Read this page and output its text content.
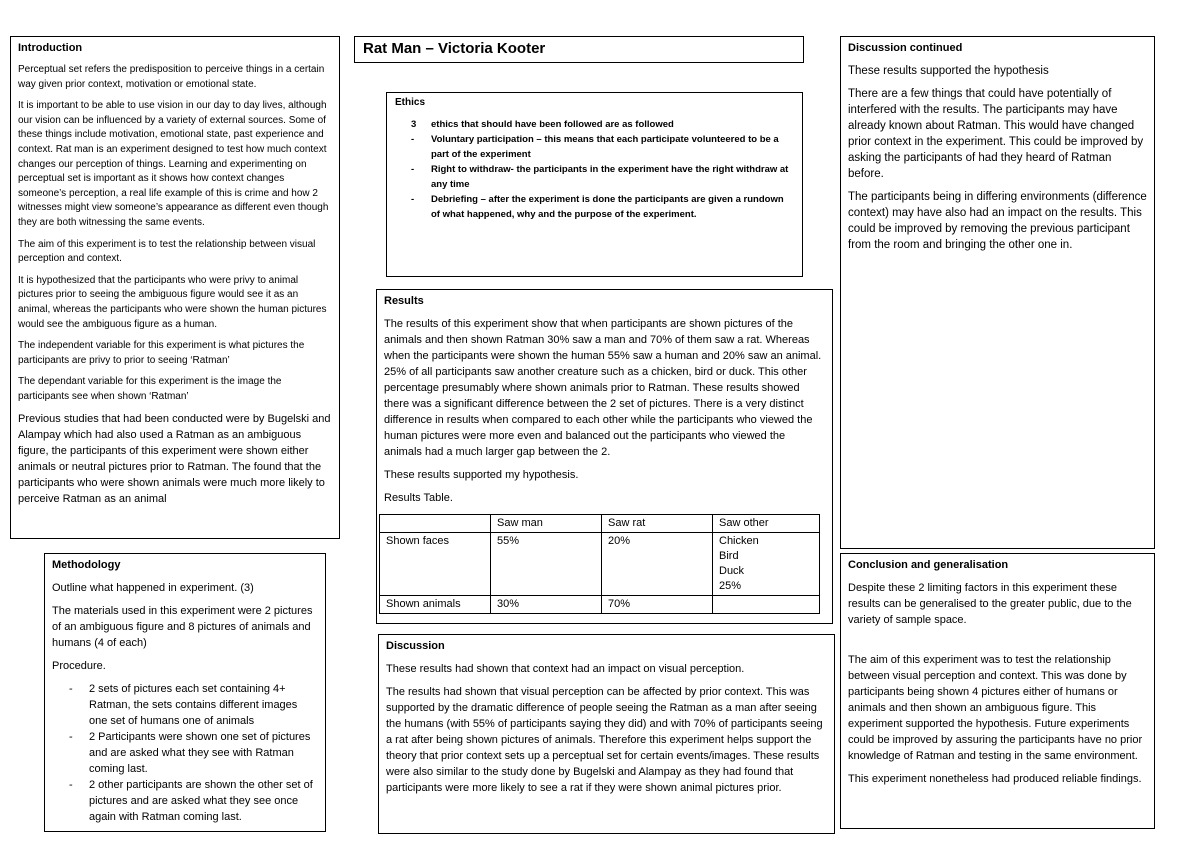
Rat Man – Victoria Kooter
Introduction

Perceptual set refers the predisposition to perceive things in a certain way given prior context, motivation or emotional state.

It is important to be able to use vision in our day to day lives, although our vision can be influenced by a variety of external sources. Some of these things include motivation, emotional state, past experience and context. Rat man is an experiment designed to test how much context changes our perception of things. Learning and experimenting on perceptual set is important as it shows how context changes someone’s perception, a real life example of this is crime and how 2 witnesses might view someone’s appearance as different even though they are both witnessing the same events.

The aim of this experiment is to test the relationship between visual perception and context.

It is hypothesized that the participants who were privy to animal pictures prior to seeing the ambiguous figure would see it as an animal, whereas the participants who were shown the human pictures would see the ambiguous figure as a human.

The independent variable for this experiment is what pictures the participants are privy to prior to seeing ‘Ratman’

The dependant variable for this experiment is the image the participants see when shown ‘Ratman’

Previous studies that had been conducted were by Bugelski and Alampay which had also used a Ratman as an ambiguous figure, the participants of this experiment were shown either animals or neutral pictures prior to Ratman. The found that the participants who were shown animals were much more likely to perceive Ratman as an animal

Methodology

Outline what happened in experiment. (3)

The materials used in this experiment were 2 pictures of an ambiguous figure and 8 pictures of animals and humans (4 of each)

Procedure.

- 2 sets of pictures each set containing 4+ Ratman, the sets contains different images one set of humans one of animals
- 2 Participants were shown one set of pictures and are asked what they see with Ratman coming last.
- 2 other participants are shown the other set of pictures and are asked what they see once again with Ratman coming last.
Ethics
3 ethics that should have been followed are as followed
- Voluntary participation – this means that each participate volunteered to be a part of the experiment
- Right to withdraw- the participants in the experiment have the right withdraw at any time
- Debriefing – after the experiment is done the participants are given a rundown of what happened, why and the purpose of the experiment.
Results

The results of this experiment show that when participants are shown pictures of the animals and then shown Ratman 30% saw a man and 70% of them saw a rat. Whereas when the participants were shown the human 55% saw a human and 20% saw an animal. 25% of all participants saw another creature such as a chicken, bird or duck. This other percentage presumably where shown animals prior to Ratman. These results showed there was a significant difference between the 2 set of pictures. There is a very distinct difference in results when compared to each other while the participants who viewed the human pictures were more even and balanced out the participants who viewed the animals had a much larger gap between the 2.

These results supported my hypothesis.

Results Table.

	Saw man	Saw rat	Saw other
Shown faces	55%	20%	Chicken
Bird
Duck
25%

Shown animals	30%	70%	
Discussion

These results had shown that context had an impact on visual perception.

The results had shown that visual perception can be affected by prior context. This was supported by the dramatic difference of people seeing the Ratman as a man after seeing the humans (with 55% of participants saying they did) and with 70% of participants seeing a rat after being shown pictures of animals. Therefore this experiment helps support the theory that prior context sets up a perceptual set for certain events/images. These results were also similar to the study done by Bugelski and Alampay as they had found that participants were more likely to see a rat if they were shown animal pictures prior.

Discussion continued

These results supported the hypothesis

There are a few things that could have potentially of interfered with the results. The participants may have already known about Ratman. This would have changed prior context in the experiment. This could be improved by asking the participants of had they heard of Ratman before.

The participants being in differing environments (difference context) may have also had an impact on the results. This could be improved by removing the previous participant from the room and bringing the other one in.

Conclusion and generalisation

Despite these 2 limiting factors in this experiment these results can be generalised to the greater public, due to the variety of sample space.

The aim of this experiment was to test the relationship between visual perception and context. This was done by participants being shown 4 pictures either of humans or animals and then shown an ambiguous figure. This experiment supported the hypothesis. Future experiments could be improved by assuring the participants have no prior knowledge of Ratman and testing in the same environment.

This experiment nonetheless had produced reliable findings.
